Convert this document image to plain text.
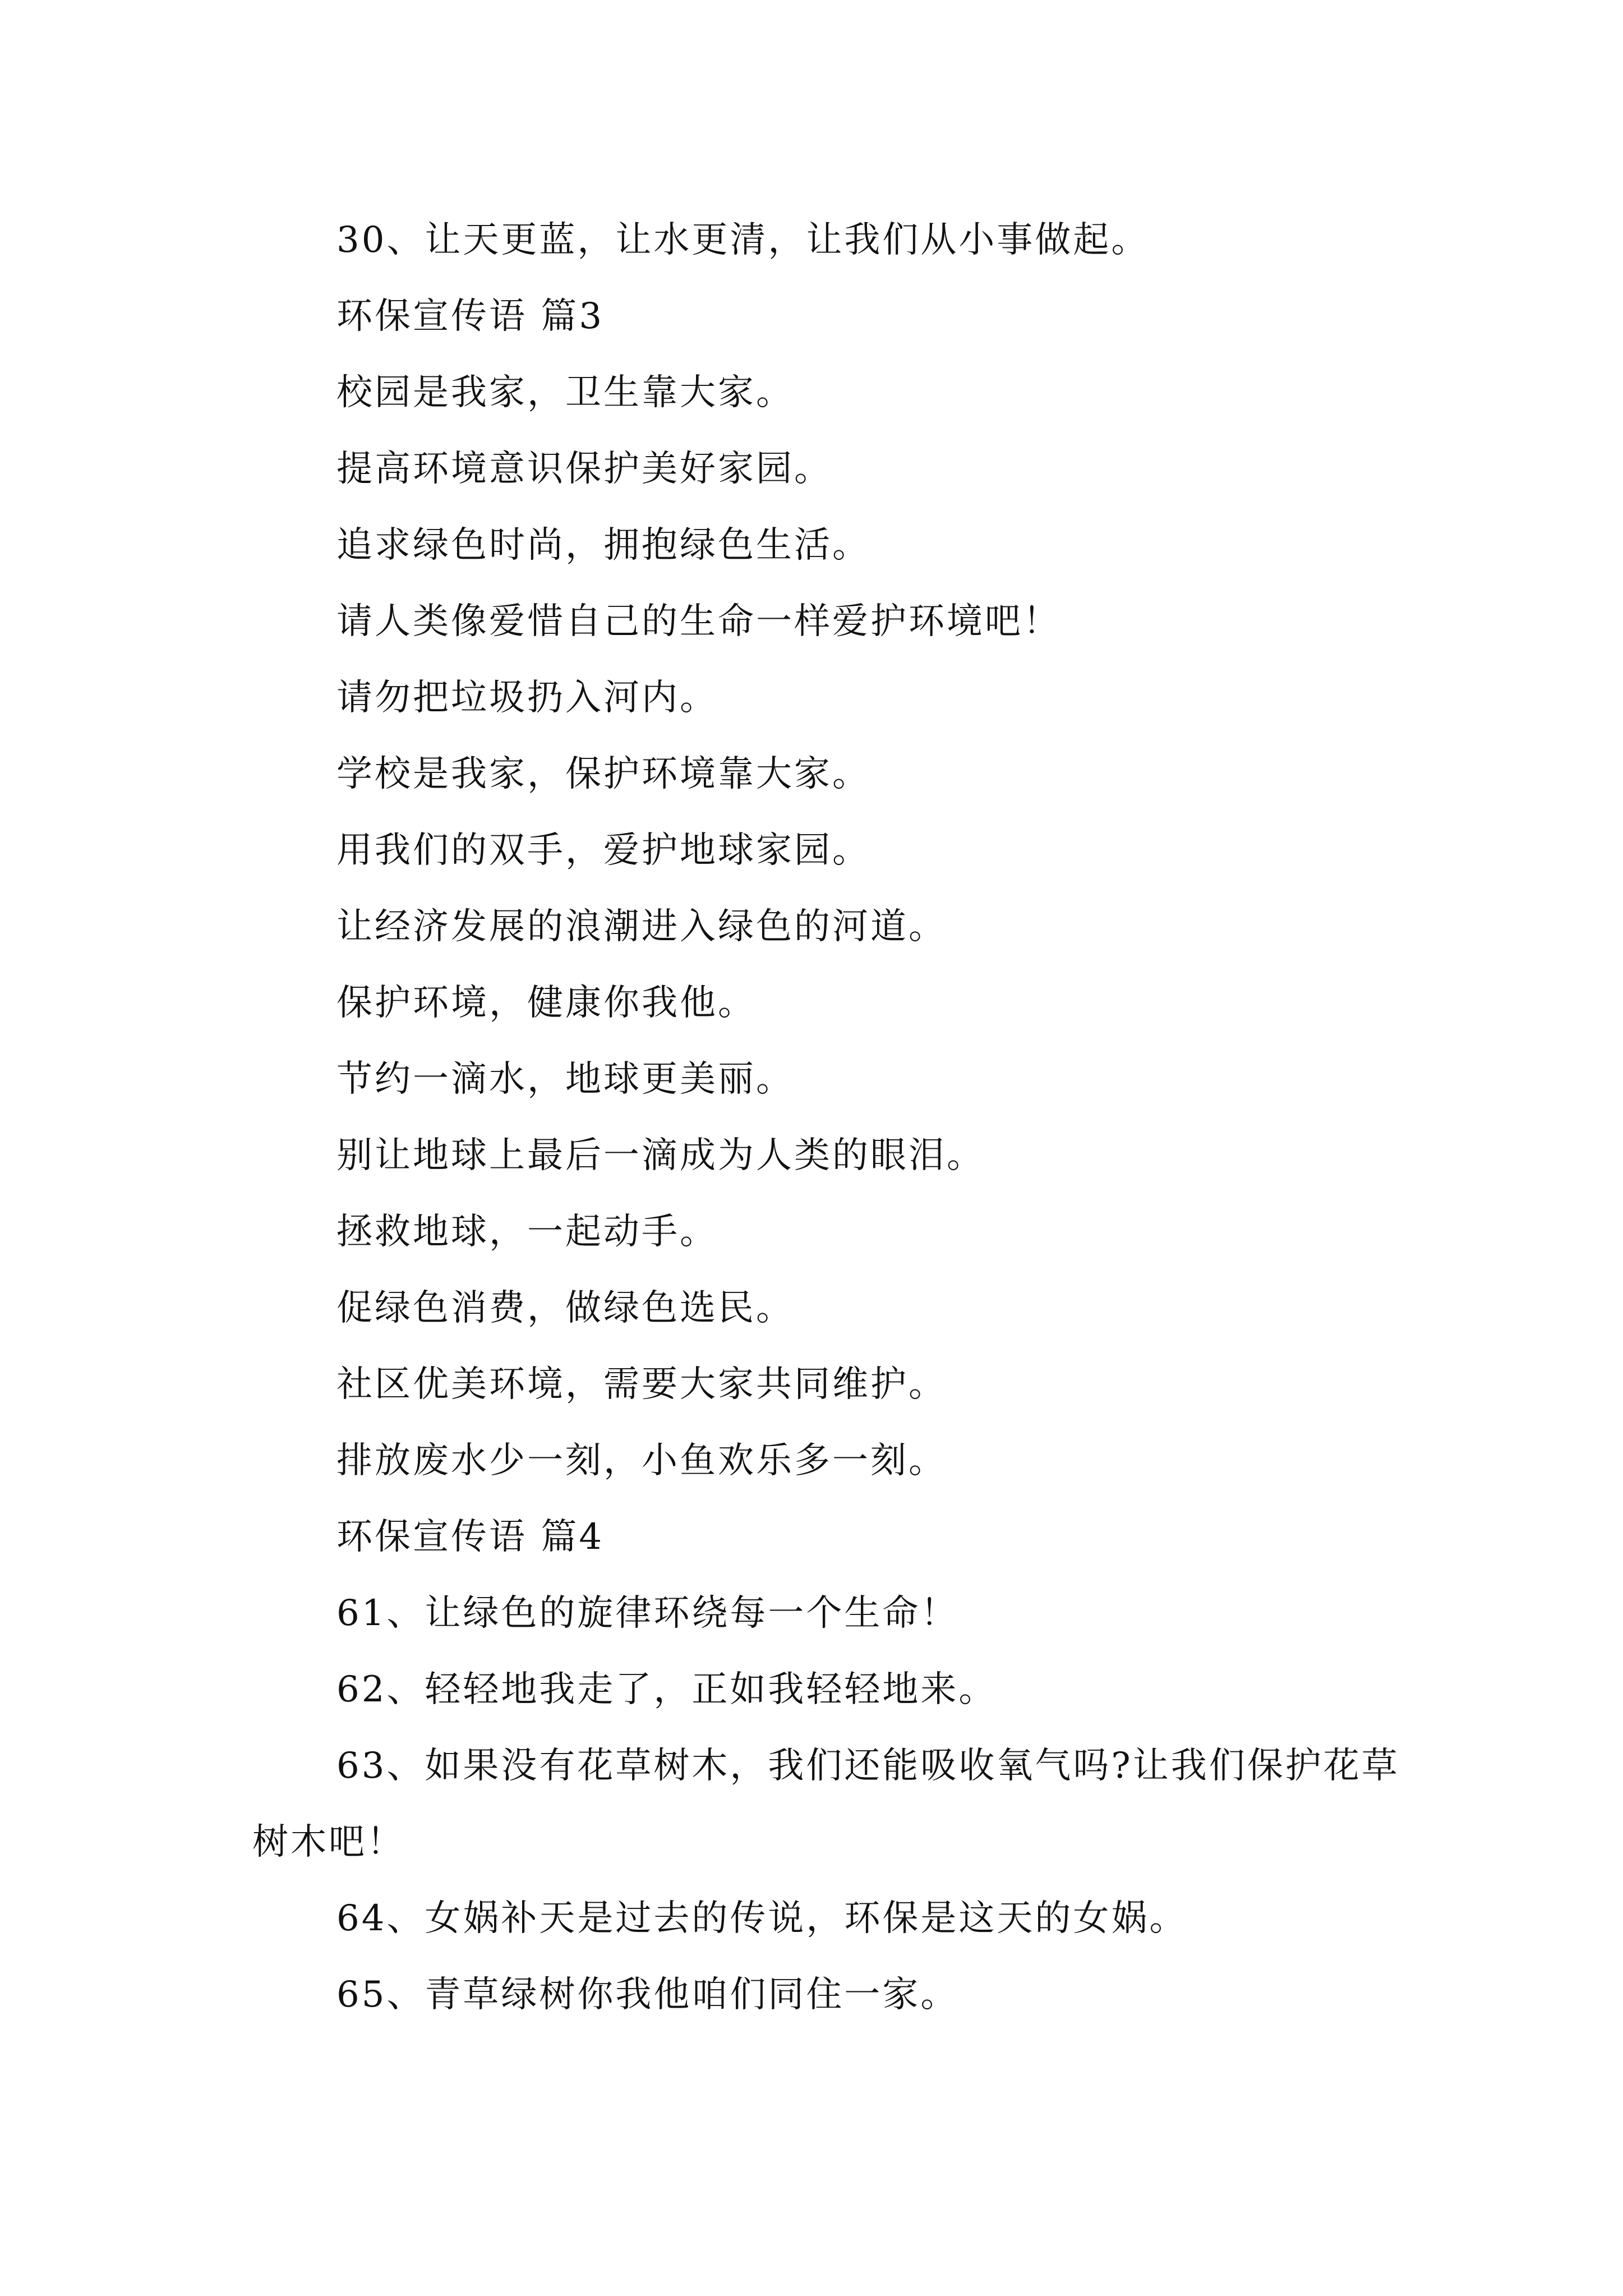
30、让天更蓝，让水更清，让我们从小事做起。
环保宣传语 篇3
校园是我家，卫生靠大家。
提高环境意识保护美好家园。
追求绿色时尚，拥抱绿色生活。
请人类像爱惜自己的生命一样爱护环境吧！
请勿把垃圾扔入河内。
学校是我家，保护环境靠大家。
用我们的双手，爱护地球家园。
让经济发展的浪潮进入绿色的河道。
保护环境，健康你我他。
节约一滴水，地球更美丽。
别让地球上最后一滴成为人类的眼泪。
拯救地球，一起动手。
促绿色消费，做绿色选民。
社区优美环境，需要大家共同维护。
排放废水少一刻，小鱼欢乐多一刻。
环保宣传语 篇4
61、让绿色的旋律环绕每一个生命！
62、轻轻地我走了，正如我轻轻地来。
63、如果没有花草树木，我们还能吸收氧气吗?让我们保护花草树木吧！
64、女娲补天是过去的传说，环保是这天的女娲。
65、青草绿树你我他咱们同住一家。
